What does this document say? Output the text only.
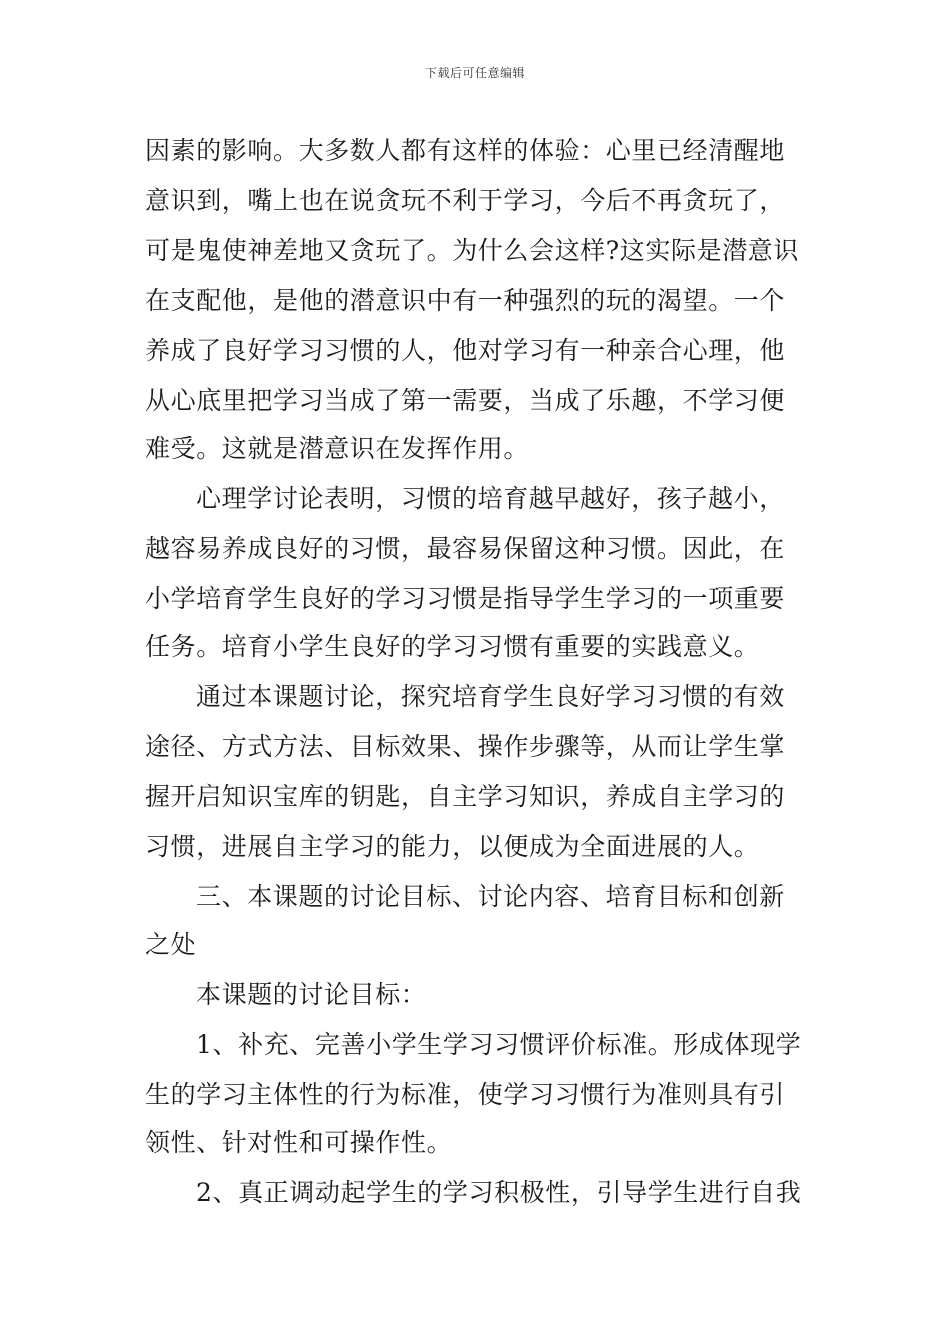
下载后可任意编辑
因素的影响。大多数人都有这样的体验：心里已经清醒地
意识到，嘴上也在说贪玩不利于学习，今后不再贪玩了，
可是鬼使神差地又贪玩了。为什么会这样?这实际是潜意识
在支配他，是他的潜意识中有一种强烈的玩的渴望。一个
养成了良好学习习惯的人，他对学习有一种亲合心理，他
从心底里把学习当成了第一需要，当成了乐趣，不学习便
难受。这就是潜意识在发挥作用。
心理学讨论表明，习惯的培育越早越好，孩子越小，
越容易养成良好的习惯，最容易保留这种习惯。因此，在
小学培育学生良好的学习习惯是指导学生学习的一项重要
任务。培育小学生良好的学习习惯有重要的实践意义。
通过本课题讨论，探究培育学生良好学习习惯的有效
途径、方式方法、目标效果、操作步骤等，从而让学生掌
握开启知识宝库的钥匙，自主学习知识，养成自主学习的
习惯，进展自主学习的能力，以便成为全面进展的人。
三、本课题的讨论目标、讨论内容、培育目标和创新
之处
本课题的讨论目标：
1、补充、完善小学生学习习惯评价标准。形成体现学
生的学习主体性的行为标准，使学习习惯行为准则具有引
领性、针对性和可操作性。
2、真正调动起学生的学习积极性，引导学生进行自我
